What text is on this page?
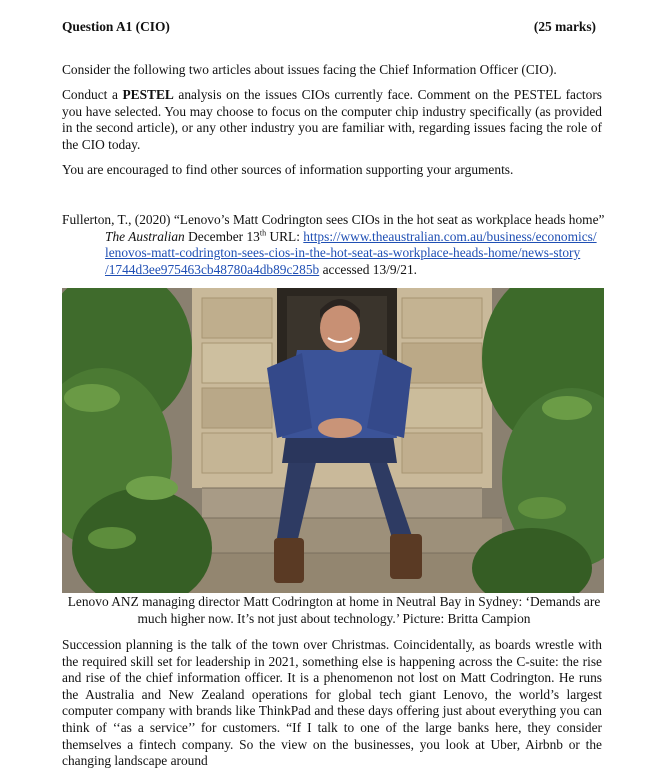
Question A1 (CIO)	(25 marks)
Consider the following two articles about issues facing the Chief Information Officer (CIO).
Conduct a PESTEL analysis on the issues CIOs currently face. Comment on the PESTEL factors you have selected. You may choose to focus on the computer chip industry specifically (as provided in the second article), or any other industry you are familiar with, regarding issues facing the role of the CIO today.
You are encouraged to find other sources of information supporting your arguments.
Fullerton, T., (2020) “Lenovo’s Matt Codrington sees CIOs in the hot seat as workplace heads home”
The Australian December 13th URL: https://www.theaustralian.com.au/business/economics/
lenovos-matt-codrington-sees-cios-in-the-hot-seat-as-workplace-heads-home/news-story
/1744d3ee975463cb48780a4db89c285b accessed 13/9/21.
Lenovo ANZ managing director Matt Codrington at home in Neutral Bay in Sydney: ‘Demands are much higher now. It’s not just about technology.’ Picture: Britta Campion
Succession planning is the talk of the town over Christmas. Coincidentally, as boards wrestle with the required skill set for leadership in 2021, something else is happening across the C-suite: the rise and rise of the chief information officer. It is a phenomenon not lost on Matt Codrington. He runs the Australia and New Zealand operations for global tech giant Lenovo, the world’s largest computer company with brands like ThinkPad and these days offering just about everything you can think of ‘‘as a service’’ for customers. “If I talk to one of the large banks here, they consider themselves a fintech company. So the view on the businesses, you look at Uber, Airbnb or the changing landscape around
